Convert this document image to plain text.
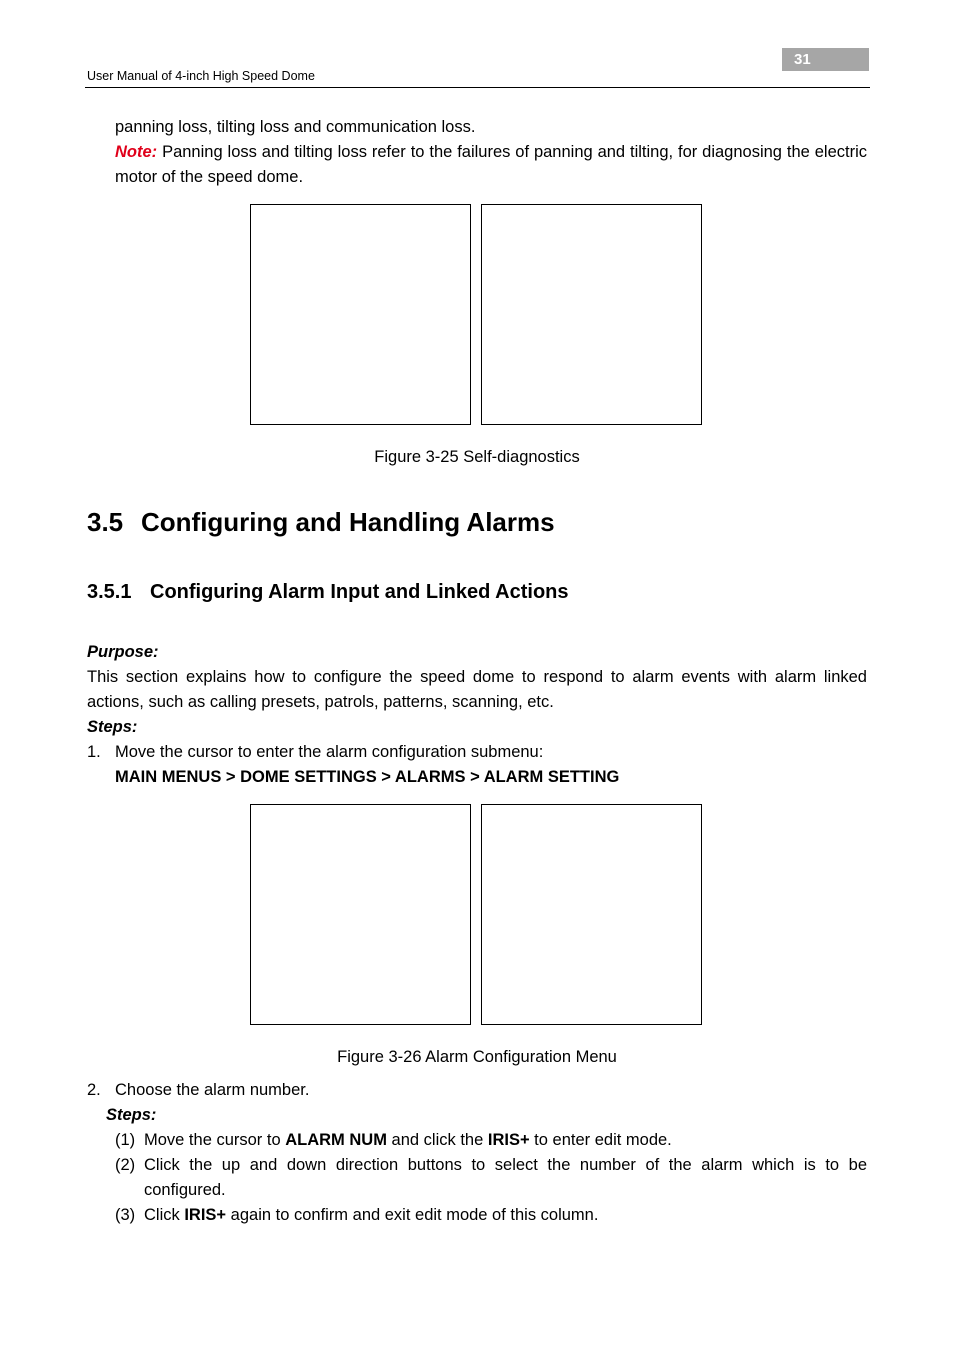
31
User Manual of 4-inch High Speed Dome
panning loss, tilting loss and communication loss.
Note: Panning loss and tilting loss refer to the failures of panning and tilting, for diagnosing the electric motor of the speed dome.
Figure 3-25 Self-diagnostics
3.5 Configuring and Handling Alarms
3.5.1 Configuring Alarm Input and Linked Actions
Purpose:
This section explains how to configure the speed dome to respond to alarm events with alarm linked actions, such as calling presets, patrols, patterns, scanning, etc.
Steps:
1. Move the cursor to enter the alarm configuration submenu:
MAIN MENUS > DOME SETTINGS > ALARMS > ALARM SETTING
Figure 3-26 Alarm Configuration Menu
2. Choose the alarm number.
Steps:
(1) Move the cursor to ALARM NUM and click the IRIS+ to enter edit mode.
(2) Click the up and down direction buttons to select the number of the alarm which is to be configured.
(3) Click IRIS+ again to confirm and exit edit mode of this column.
